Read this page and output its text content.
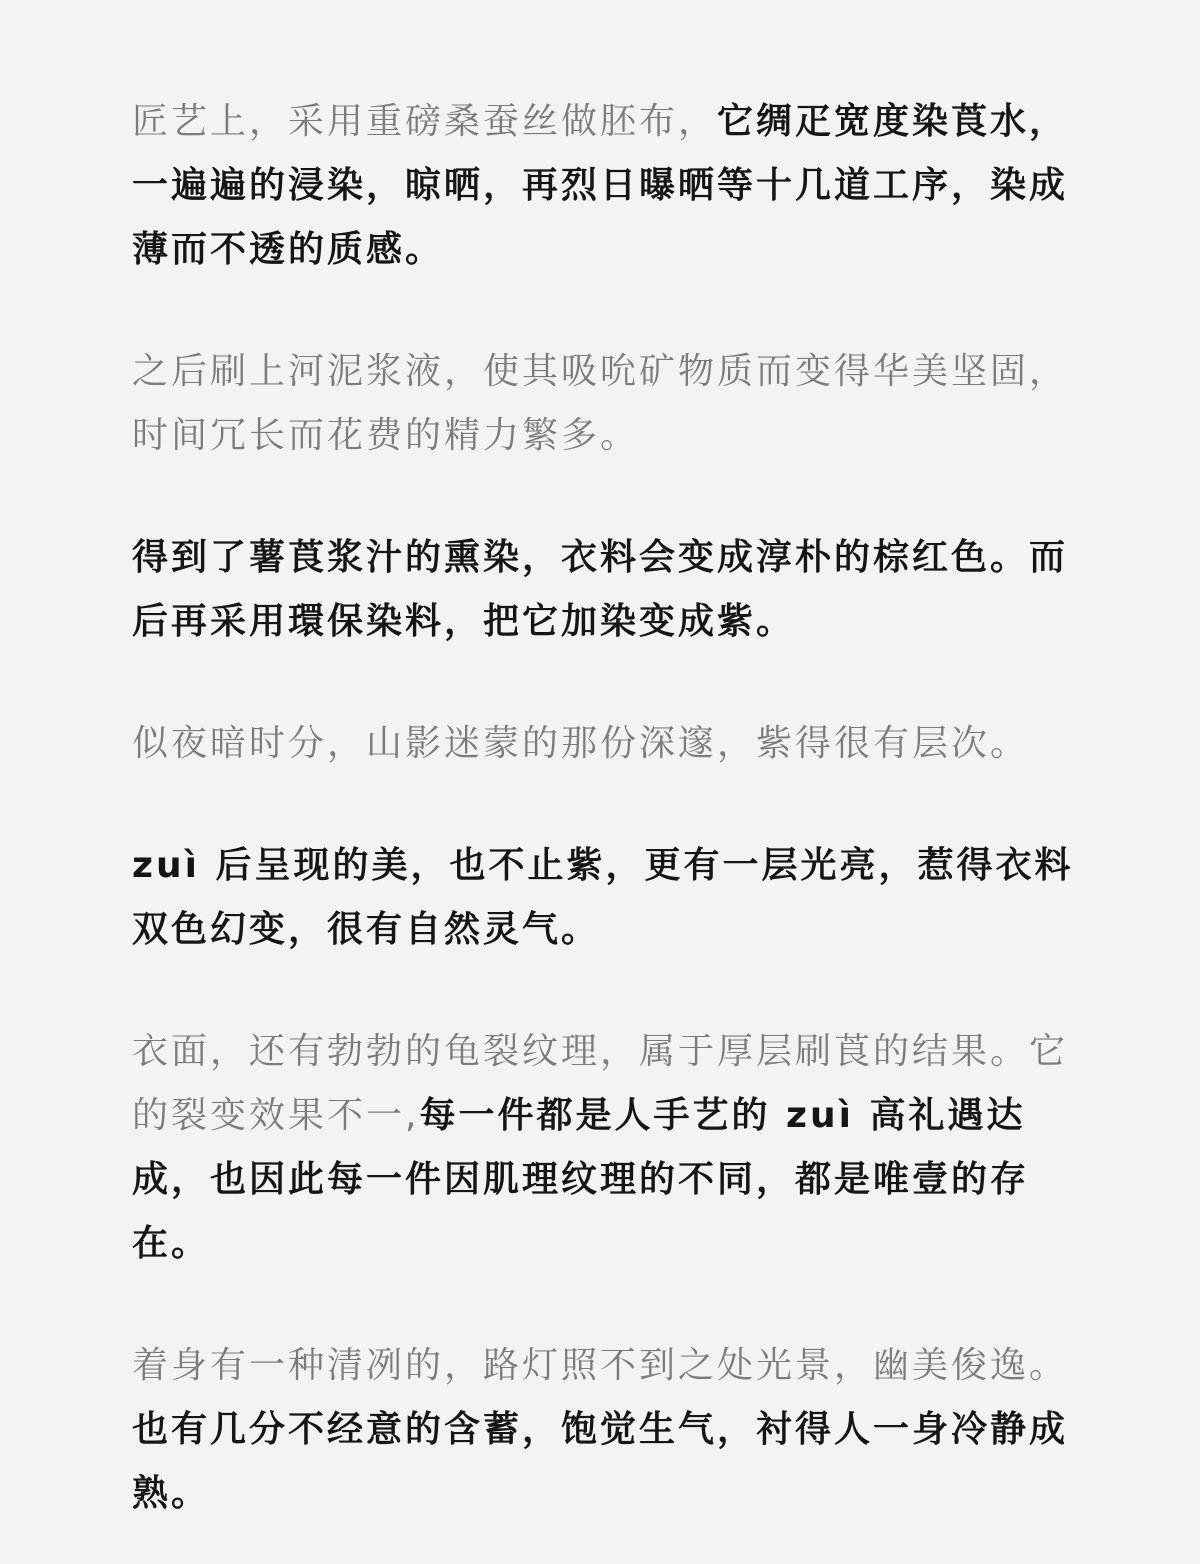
匠艺上，采用重磅桑蚕丝做胚布，它绸疋宽度染莨水，一遍遍的浸染，晾晒，再烈日曝晒等十几道工序，染成薄而不透的质感。

之后刷上河泥浆液，使其吸吮矿物质而变得华美坚固，时间冗长而花费的精力繁多。

得到了薯莨浆汁的熏染，衣料会变成淳朴的棕红色。而后再采用環保染料，把它加染变成紫。

似夜暗时分，山影迷蒙的那份深邃，紫得很有层次。

zuì 后呈现的美，也不止紫，更有一层光亮，惹得衣料双色幻变，很有自然灵气。

衣面，还有勃勃的龟裂纹理，属于厚层刷莨的结果。它的裂变效果不一,每一件都是人手艺的 zuì 高礼遇达成，也因此每一件因肌理纹理的不同，都是唯壹的存在。

着身有一种清冽的，路灯照不到之处光景，幽美俊逸。也有几分不经意的含蓄，饱觉生气，衬得人一身冷静成熟。
